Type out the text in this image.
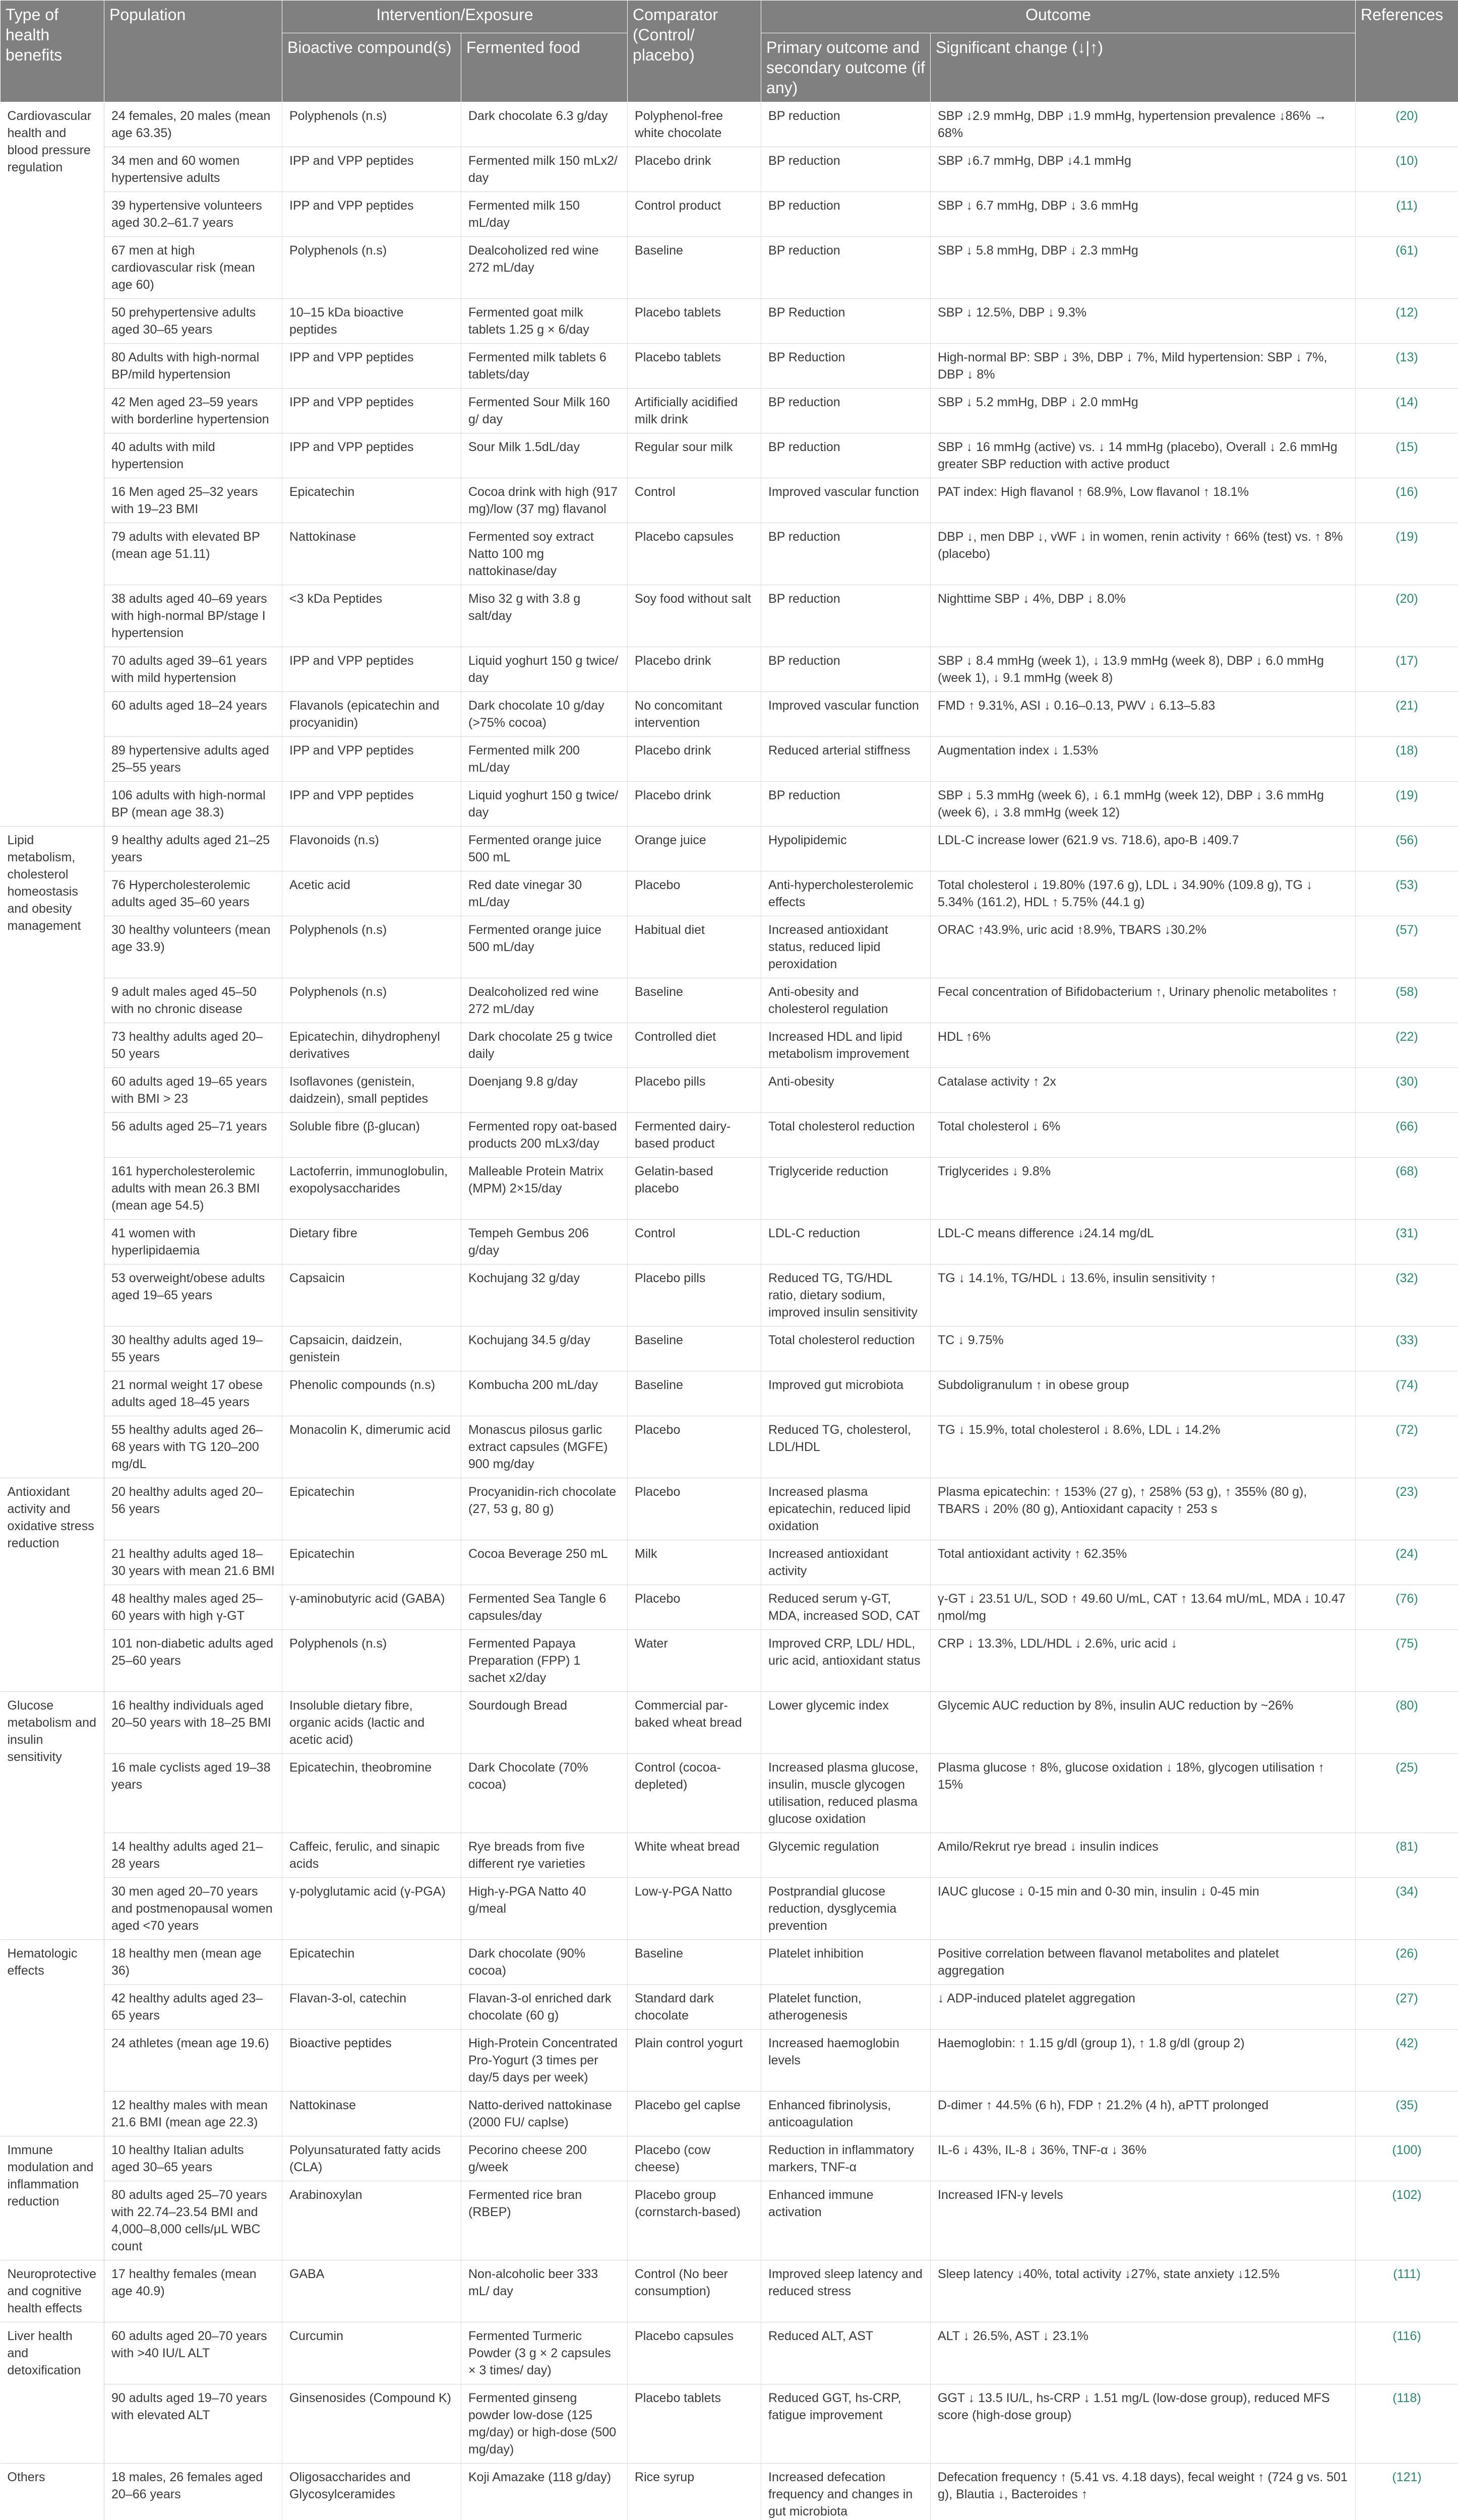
Type of health benefits	Population	Intervention/Exposure		Comparator (Control/ placebo)	Outcome		References
		Bioactive compound(s)	Fermented food		Primary outcome and secondary outcome (if any)	Significant change (↓|↑)	
Cardiovascular health and blood pressure regulation	24 females, 20 males (mean age 63.35)	Polyphenols (n.s)	Dark chocolate 6.3 g/day	Polyphenol-free white chocolate	BP reduction	SBP ↓2.9 mmHg, DBP ↓1.9 mmHg, hypertension prevalence ↓86% → 68%	(20)
	34 men and 60 women hypertensive adults	IPP and VPP peptides	Fermented milk 150 mLx2/ day	Placebo drink	BP reduction	SBP ↓6.7 mmHg, DBP ↓4.1 mmHg	(10)
	39 hypertensive volunteers aged 30.2–61.7 years	IPP and VPP peptides	Fermented milk 150 mL/day	Control product	BP reduction	SBP ↓ 6.7 mmHg, DBP ↓ 3.6 mmHg	(11)
	67 men at high cardiovascular risk (mean age 60)	Polyphenols (n.s)	Dealcoholized red wine 272 mL/day	Baseline	BP reduction	SBP ↓ 5.8 mmHg, DBP ↓ 2.3 mmHg	(61)
	50 prehypertensive adults aged 30–65 years	10–15 kDa bioactive peptides	Fermented goat milk tablets 1.25 g × 6/day	Placebo tablets	BP Reduction	SBP ↓ 12.5%, DBP ↓ 9.3%	(12)
	80 Adults with high-normal BP/mild hypertension	IPP and VPP peptides	Fermented milk tablets 6 tablets/day	Placebo tablets	BP Reduction	High-normal BP: SBP ↓ 3%, DBP ↓ 7%, Mild hypertension: SBP ↓ 7%, DBP ↓ 8%	(13)
	42 Men aged 23–59 years with borderline hypertension	IPP and VPP peptides	Fermented Sour Milk 160 g/ day	Artificially acidified milk drink	BP reduction	SBP ↓ 5.2 mmHg, DBP ↓ 2.0 mmHg	(14)
	40 adults with mild hypertension	IPP and VPP peptides	Sour Milk 1.5dL/day	Regular sour milk	BP reduction	SBP ↓ 16 mmHg (active) vs. ↓ 14 mmHg (placebo), Overall ↓ 2.6 mmHg greater SBP reduction with active product	(15)
	16 Men aged 25–32 years with 19–23 BMI	Epicatechin	Cocoa drink with high (917 mg)/low (37 mg) flavanol	Control	Improved vascular function	PAT index: High flavanol ↑ 68.9%, Low flavanol ↑ 18.1%	(16)
	79 adults with elevated BP (mean age 51.11)	Nattokinase	Fermented soy extract Natto 100 mg nattokinase/day	Placebo capsules	BP reduction	DBP ↓, men DBP ↓, vWF ↓ in women, renin activity ↑ 66% (test) vs. ↑ 8% (placebo)	(19)
	38 adults aged 40–69 years with high-normal BP/stage I hypertension	<3 kDa Peptides	Miso 32 g with 3.8 g salt/day	Soy food without salt	BP reduction	Nighttime SBP ↓ 4%, DBP ↓ 8.0%	(20)
	70 adults aged 39–61 years with mild hypertension	IPP and VPP peptides	Liquid yoghurt 150 g twice/ day	Placebo drink	BP reduction	SBP ↓ 8.4 mmHg (week 1), ↓ 13.9 mmHg (week 8), DBP ↓ 6.0 mmHg (week 1), ↓ 9.1 mmHg (week 8)	(17)
	60 adults aged 18–24 years	Flavanols (epicatechin and procyanidin)	Dark chocolate 10 g/day (>75% cocoa)	No concomitant intervention	Improved vascular function	FMD ↑ 9.31%, ASI ↓ 0.16–0.13, PWV ↓ 6.13–5.83	(21)
	89 hypertensive adults aged 25–55 years	IPP and VPP peptides	Fermented milk 200 mL/day	Placebo drink	Reduced arterial stiffness	Augmentation index ↓ 1.53%	(18)
	106 adults with high-normal BP (mean age 38.3)	IPP and VPP peptides	Liquid yoghurt 150 g twice/ day	Placebo drink	BP reduction	SBP ↓ 5.3 mmHg (week 6), ↓ 6.1 mmHg (week 12), DBP ↓ 3.6 mmHg (week 6), ↓ 3.8 mmHg (week 12)	(19)
Lipid metabolism, cholesterol homeostasis and obesity management	9 healthy adults aged 21–25 years	Flavonoids (n.s)	Fermented orange juice 500 mL	Orange juice	Hypolipidemic	LDL-C increase lower (621.9 vs. 718.6), apo-B ↓409.7	(56)
	76 Hypercholesterolemic adults aged 35–60 years	Acetic acid	Red date vinegar 30 mL/day	Placebo	Anti-hypercholesterolemic effects	Total cholesterol ↓ 19.80% (197.6 g), LDL ↓ 34.90% (109.8 g), TG ↓ 5.34% (161.2), HDL ↑ 5.75% (44.1 g)	(53)
	30 healthy volunteers (mean age 33.9)	Polyphenols (n.s)	Fermented orange juice 500 mL/day	Habitual diet	Increased antioxidant status, reduced lipid peroxidation	ORAC ↑43.9%, uric acid ↑8.9%, TBARS ↓30.2%	(57)
	9 adult males aged 45–50 with no chronic disease	Polyphenols (n.s)	Dealcoholized red wine 272 mL/day	Baseline	Anti-obesity and cholesterol regulation	Fecal concentration of Bifidobacterium ↑, Urinary phenolic metabolites ↑	(58)
	73 healthy adults aged 20–50 years	Epicatechin, dihydrophenyl derivatives	Dark chocolate 25 g twice daily	Controlled diet	Increased HDL and lipid metabolism improvement	HDL ↑6%	(22)
	60 adults aged 19–65 years with BMI > 23	Isoflavones (genistein, daidzein), small peptides	Doenjang 9.8 g/day	Placebo pills	Anti-obesity	Catalase activity ↑ 2x	(30)
	56 adults aged 25–71 years	Soluble fibre (β-glucan)	Fermented ropy oat-based products 200 mLx3/day	Fermented dairy-based product	Total cholesterol reduction	Total cholesterol ↓ 6%	(66)
	161 hypercholesterolemic adults with mean 26.3 BMI (mean age 54.5)	Lactoferrin, immunoglobulin, exopolysaccharides	Malleable Protein Matrix (MPM) 2×15/day	Gelatin-based placebo	Triglyceride reduction	Triglycerides ↓ 9.8%	(68)
	41 women with hyperlipidaemia	Dietary fibre	Tempeh Gembus 206 g/day	Control	LDL-C reduction	LDL-C means difference ↓24.14 mg/dL	(31)
	53 overweight/obese adults aged 19–65 years	Capsaicin	Kochujang 32 g/day	Placebo pills	Reduced TG, TG/HDL ratio, dietary sodium, improved insulin sensitivity	TG ↓ 14.1%, TG/HDL ↓ 13.6%, insulin sensitivity ↑	(32)
	30 healthy adults aged 19–55 years	Capsaicin, daidzein, genistein	Kochujang 34.5 g/day	Baseline	Total cholesterol reduction	TC ↓ 9.75%	(33)
	21 normal weight 17 obese adults aged 18–45 years	Phenolic compounds (n.s)	Kombucha 200 mL/day	Baseline	Improved gut microbiota	Subdoligranulum ↑ in obese group	(74)
	55 healthy adults aged 26–68 years with TG 120–200 mg/dL	Monacolin K, dimerumic acid	Monascus pilosus garlic extract capsules (MGFE) 900 mg/day	Placebo	Reduced TG, cholesterol, LDL/HDL	TG ↓ 15.9%, total cholesterol ↓ 8.6%, LDL ↓ 14.2%	(72)
Antioxidant activity and oxidative stress reduction	20 healthy adults aged 20–56 years	Epicatechin	Procyanidin-rich chocolate (27, 53 g, 80 g)	Placebo	Increased plasma epicatechin, reduced lipid oxidation	Plasma epicatechin: ↑ 153% (27 g), ↑ 258% (53 g), ↑ 355% (80 g), TBARS ↓ 20% (80 g), Antioxidant capacity ↑ 253 s	(23)
	21 healthy adults aged 18–30 years with mean 21.6 BMI	Epicatechin	Cocoa Beverage 250 mL	Milk	Increased antioxidant activity	Total antioxidant activity ↑ 62.35%	(24)
	48 healthy males aged 25–60 years with high γ-GT	γ-aminobutyric acid (GABA)	Fermented Sea Tangle 6 capsules/day	Placebo	Reduced serum γ-GT, MDA, increased SOD, CAT	γ-GT ↓ 23.51 U/L, SOD ↑ 49.60 U/mL, CAT ↑ 13.64 mU/mL, MDA ↓ 10.47 ηmol/mg	(76)
	101 non-diabetic adults aged 25–60 years	Polyphenols (n.s)	Fermented Papaya Preparation (FPP) 1 sachet x2/day	Water	Improved CRP, LDL/ HDL, uric acid, antioxidant status	CRP ↓ 13.3%, LDL/HDL ↓ 2.6%, uric acid ↓	(75)
Glucose metabolism and insulin sensitivity	16 healthy individuals aged 20–50 years with 18–25 BMI	Insoluble dietary fibre, organic acids (lactic and acetic acid)	Sourdough Bread	Commercial par-baked wheat bread	Lower glycemic index	Glycemic AUC reduction by 8%, insulin AUC reduction by ~26%	(80)
	16 male cyclists aged 19–38 years	Epicatechin, theobromine	Dark Chocolate (70% cocoa)	Control (cocoa-depleted)	Increased plasma glucose, insulin, muscle glycogen utilisation, reduced plasma glucose oxidation	Plasma glucose ↑ 8%, glucose oxidation ↓ 18%, glycogen utilisation ↑ 15%	(25)
	14 healthy adults aged 21–28 years	Caffeic, ferulic, and sinapic acids	Rye breads from five different rye varieties	White wheat bread	Glycemic regulation	Amilo/Rekrut rye bread ↓ insulin indices	(81)
	30 men aged 20–70 years and postmenopausal women aged <70 years	γ-polyglutamic acid (γ-PGA)	High-γ-PGA Natto 40 g/meal	Low-γ-PGA Natto	Postprandial glucose reduction, dysglycemia prevention	IAUC glucose ↓ 0-15 min and 0-30 min, insulin ↓ 0-45 min	(34)
Hematologic effects	18 healthy men (mean age 36)	Epicatechin	Dark chocolate (90% cocoa)	Baseline	Platelet inhibition	Positive correlation between flavanol metabolites and platelet aggregation	(26)
	42 healthy adults aged 23–65 years	Flavan-3-ol, catechin	Flavan-3-ol enriched dark chocolate (60 g)	Standard dark chocolate	Platelet function, atherogenesis	↓ ADP-induced platelet aggregation	(27)
	24 athletes (mean age 19.6)	Bioactive peptides	High-Protein Concentrated Pro-Yogurt (3 times per day/5 days per week)	Plain control yogurt	Increased haemoglobin levels	Haemoglobin: ↑ 1.15 g/dl (group 1), ↑ 1.8 g/dl (group 2)	(42)
	12 healthy males with mean 21.6 BMI (mean age 22.3)	Nattokinase	Natto-derived nattokinase (2000 FU/ caplse)	Placebo gel caplse	Enhanced fibrinolysis, anticoagulation	D-dimer ↑ 44.5% (6 h), FDP ↑ 21.2% (4 h), aPTT prolonged	(35)
Immune modulation and inflammation reduction	10 healthy Italian adults aged 30–65 years	Polyunsaturated fatty acids (CLA)	Pecorino cheese 200 g/week	Placebo (cow cheese)	Reduction in inflammatory markers, TNF-α	IL-6 ↓ 43%, IL-8 ↓ 36%, TNF-α ↓ 36%	(100)
	80 adults aged 25–70 years with 22.74–23.54 BMI and 4,000–8,000 cells/μL WBC count	Arabinoxylan	Fermented rice bran (RBEP)	Placebo group (cornstarch-based)	Enhanced immune activation	Increased IFN-γ levels	(102)
Neuroprotective and cognitive health effects	17 healthy females (mean age 40.9)	GABA	Non-alcoholic beer 333 mL/ day	Control (No beer consumption)	Improved sleep latency and reduced stress	Sleep latency ↓40%, total activity ↓27%, state anxiety ↓12.5%	(111)
Liver health and detoxification	60 adults aged 20–70 years with >40 IU/L ALT	Curcumin	Fermented Turmeric Powder (3 g × 2 capsules × 3 times/ day)	Placebo capsules	Reduced ALT, AST	ALT ↓ 26.5%, AST ↓ 23.1%	(116)
	90 adults aged 19–70 years with elevated ALT	Ginsenosides (Compound K)	Fermented ginseng powder low-dose (125 mg/day) or high-dose (500 mg/day)	Placebo tablets	Reduced GGT, hs-CRP, fatigue improvement	GGT ↓ 13.5 IU/L, hs-CRP ↓ 1.51 mg/L (low-dose group), reduced MFS score (high-dose group)	(118)
Others	18 males, 26 females aged 20–66 years	Oligosaccharides and Glycosylceramides	Koji Amazake (118 g/day)	Rice syrup	Increased defecation frequency and changes in gut microbiota	Defecation frequency ↑ (5.41 vs. 4.18 days), fecal weight ↑ (724 g vs. 501 g), Blautia ↓, Bacteroides ↑	(121)
